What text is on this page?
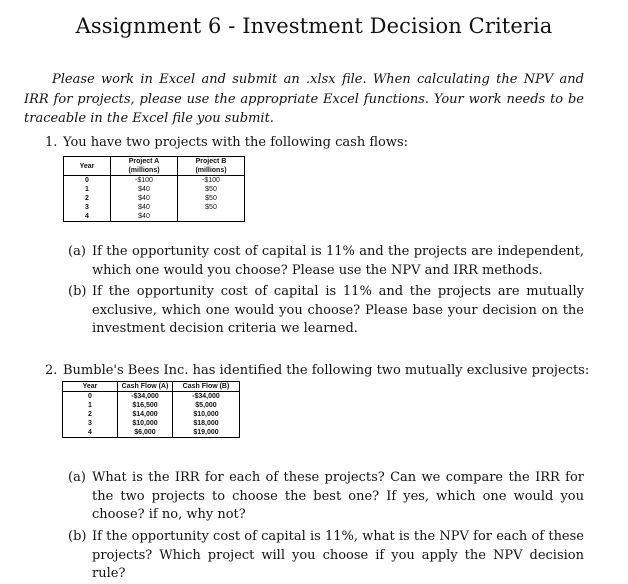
Assignment 6 - Investment Decision Criteria
Please work in Excel and submit an .xlsx file. When calculating the NPV and IRR for projects, please use the appropriate Excel functions. Your work needs to be traceable in the Excel file you submit.
1. You have two projects with the following cash flows:
Year	Project A (millions)	Project B (millions)
0	-$100	-$100
1	$40	$50
2	$40	$50
3	$40	$50
4	$40	
(a) If the opportunity cost of capital is 11% and the projects are independent, which one would you choose? Please use the NPV and IRR methods.
(b) If the opportunity cost of capital is 11% and the projects are mutually exclusive, which one would you choose? Please base your decision on the investment decision criteria we learned.
2. Bumble's Bees Inc. has identified the following two mutually exclusive projects:
Year	Cash Flow (A)	Cash Flow (B)
0	-$34,000	-$34,000
1	$16,500	$5,000
2	$14,000	$10,000
3	$10,000	$18,000
4	$6,000	$19,000
(a) What is the IRR for each of these projects? Can we compare the IRR for the two projects to choose the best one? If yes, which one would you choose? if no, why not?
(b) If the opportunity cost of capital is 11%, what is the NPV for each of these projects? Which project will you choose if you apply the NPV decision rule?
